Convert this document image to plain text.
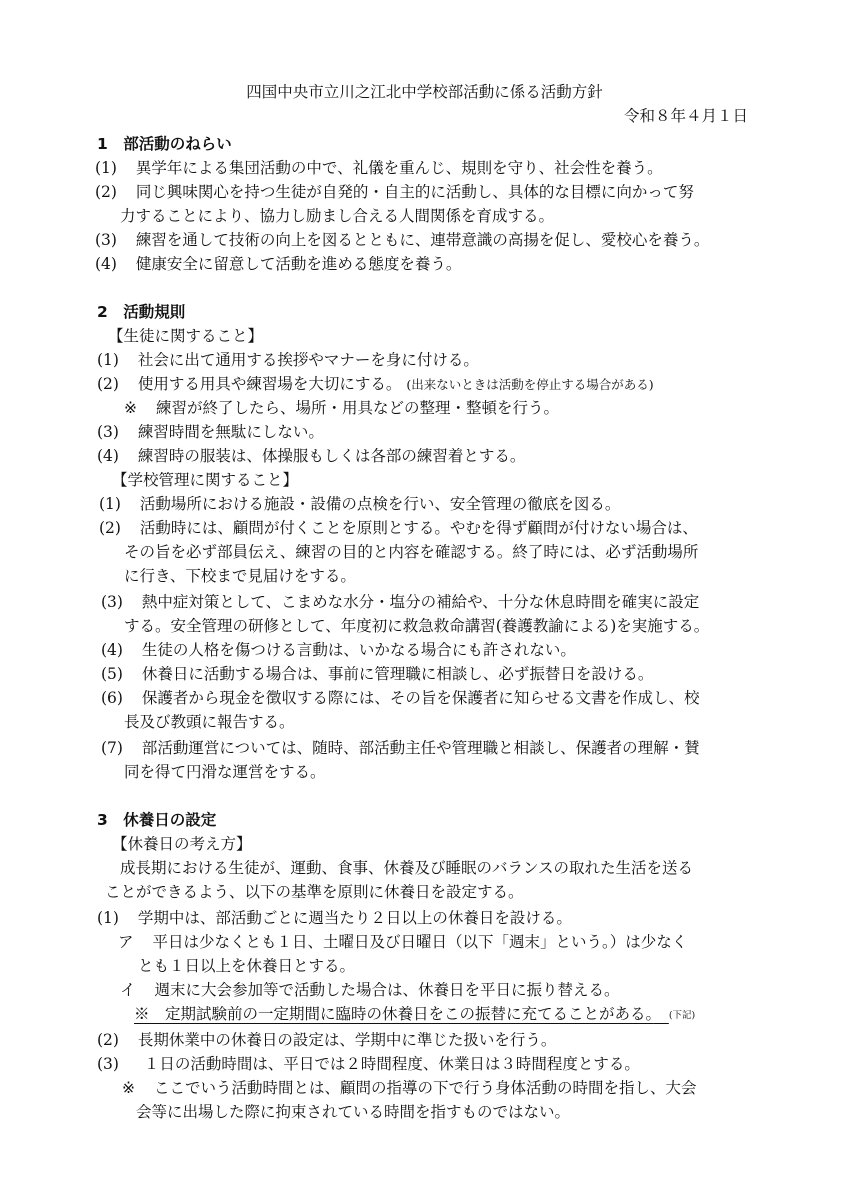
四国中央市立川之江北中学校部活動に係る活動方針
令和８年４月１日
1　部活動のねらい
(1) 異学年による集団活動の中で、礼儀を重んじ、規則を守り、社会性を養う。
(2) 同じ興味関心を持つ生徒が自発的・自主的に活動し、具体的な目標に向かって努
力することにより、協力し励まし合える人間関係を育成する。
(3) 練習を通して技術の向上を図るとともに、連帯意識の高揚を促し、愛校心を養う。
(4) 健康安全に留意して活動を進める態度を養う。
2　活動規則
【生徒に関すること】
(1) 社会に出て通用する挨拶やマナーを身に付ける。
(2) 使用する用具や練習場を大切にする。 (出来ないときは活動を停止する場合がある)
※ 練習が終了したら、場所・用具などの整理・整頓を行う。
(3) 練習時間を無駄にしない。
(4) 練習時の服装は、体操服もしくは各部の練習着とする。
【学校管理に関すること】
(1) 活動場所における施設・設備の点検を行い、安全管理の徹底を図る。
(2) 活動時には、顧問が付くことを原則とする。やむを得ず顧問が付けない場合は、
その旨を必ず部員伝え、練習の目的と内容を確認する。終了時には、必ず活動場所
に行き、下校まで見届けをする。
(3) 熱中症対策として、こまめな水分・塩分の補給や、十分な休息時間を確実に設定
する。安全管理の研修として、年度初に救急救命講習(養護教諭による)を実施する。
(4) 生徒の人格を傷つける言動は、いかなる場合にも許されない。
(5) 休養日に活動する場合は、事前に管理職に相談し、必ず振替日を設ける。
(6) 保護者から現金を徴収する際には、その旨を保護者に知らせる文書を作成し、校
長及び教頭に報告する。
(7) 部活動運営については、随時、部活動主任や管理職と相談し、保護者の理解・賛
同を得て円滑な運営をする。
3　休養日の設定
【休養日の考え方】
成長期における生徒が、運動、食事、休養及び睡眠のバランスの取れた生活を送る
ことができるよう、以下の基準を原則に休養日を設定する。
(1) 学期中は、部活動ごとに週当たり２日以上の休養日を設ける。
ア 平日は少なくとも１日、土曜日及び日曜日（以下「週末」という。）は少なく
とも１日以上を休養日とする。
イ 週末に大会参加等で活動した場合は、休養日を平日に振り替える。
※　 定期試験前の一定期間に臨時の休養日をこの振替に充てることがある。　 (下記)
(2) 長期休業中の休養日の設定は、学期中に準じた扱いを行う。
(3) １日の活動時間は、平日では２時間程度、休業日は３時間程度とする。
※ ここでいう活動時間とは、顧問の指導の下で行う身体活動の時間を指し、大会
会等に出場した際に拘束されている時間を指すものではない。
